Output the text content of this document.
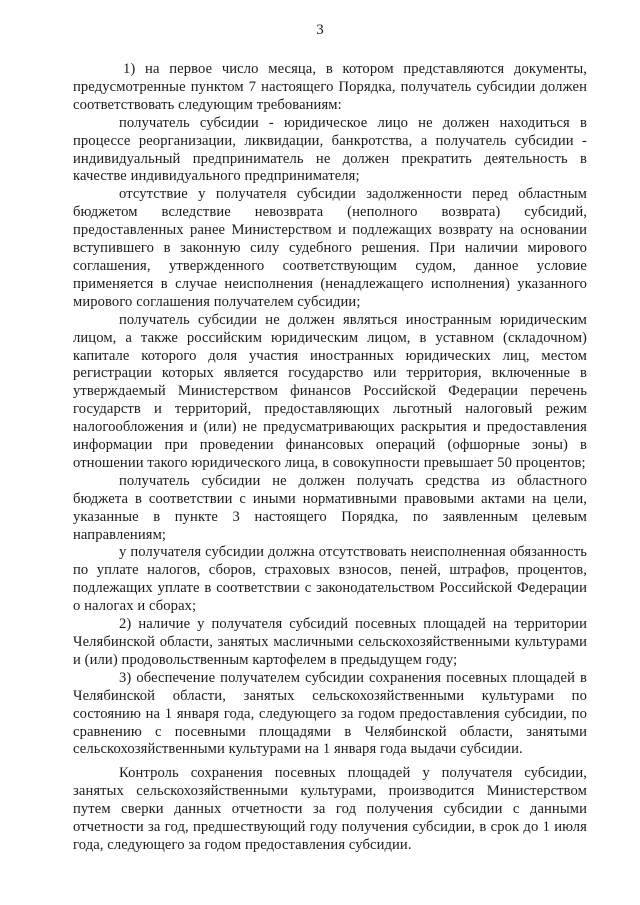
3

1) на первое число месяца, в котором представляются документы, предусмотренные пунктом 7 настоящего Порядка, получатель субсидии должен соответствовать следующим требованиям:

получатель субсидии - юридическое лицо не должен находиться в процессе реорганизации, ликвидации, банкротства, а получатель субсидии - индивидуальный предприниматель не должен прекратить деятельность в качестве индивидуального предпринимателя;

отсутствие у получателя субсидии задолженности перед областным бюджетом вследствие невозврата (неполного возврата) субсидий, предоставленных ранее Министерством и подлежащих возврату на основании вступившего в законную силу судебного решения. При наличии мирового соглашения, утвержденного соответствующим судом, данное условие применяется в случае неисполнения (ненадлежащего исполнения) указанного мирового соглашения получателем субсидии;

получатель субсидии не должен являться иностранным юридическим лицом, а также российским юридическим лицом, в уставном (складочном) капитале которого доля участия иностранных юридических лиц, местом регистрации которых является государство или территория, включенные в утверждаемый Министерством финансов Российской Федерации перечень государств и территорий, предоставляющих льготный налоговый режим налогообложения и (или) не предусматривающих раскрытия и предоставления информации при проведении финансовых операций (офшорные зоны) в отношении такого юридического лица, в совокупности превышает 50 процентов;

получатель субсидии не должен получать средства из областного бюджета в соответствии с иными нормативными правовыми актами на цели, указанные в пункте 3 настоящего Порядка, по заявленным целевым направлениям;

у получателя субсидии должна отсутствовать неисполненная обязанность по уплате налогов, сборов, страховых взносов, пеней, штрафов, процентов, подлежащих уплате в соответствии с законодательством Российской Федерации о налогах и сборах;

2) наличие у получателя субсидий посевных площадей на территории Челябинской области, занятых масличными сельскохозяйственными культурами и (или) продовольственным картофелем в предыдущем году;

3) обеспечение получателем субсидии сохранения посевных площадей в Челябинской области, занятых сельскохозяйственными культурами по состоянию на 1 января года, следующего за годом предоставления субсидии, по сравнению с посевными площадями в Челябинской области, занятыми сельскохозяйственными культурами на 1 января года выдачи субсидии.

Контроль сохранения посевных площадей у получателя субсидии, занятых сельскохозяйственными культурами, производится Министерством путем сверки данных отчетности за год получения субсидии с данными отчетности за год, предшествующий году получения субсидии, в срок до 1 июля года, следующего за годом предоставления субсидии.
